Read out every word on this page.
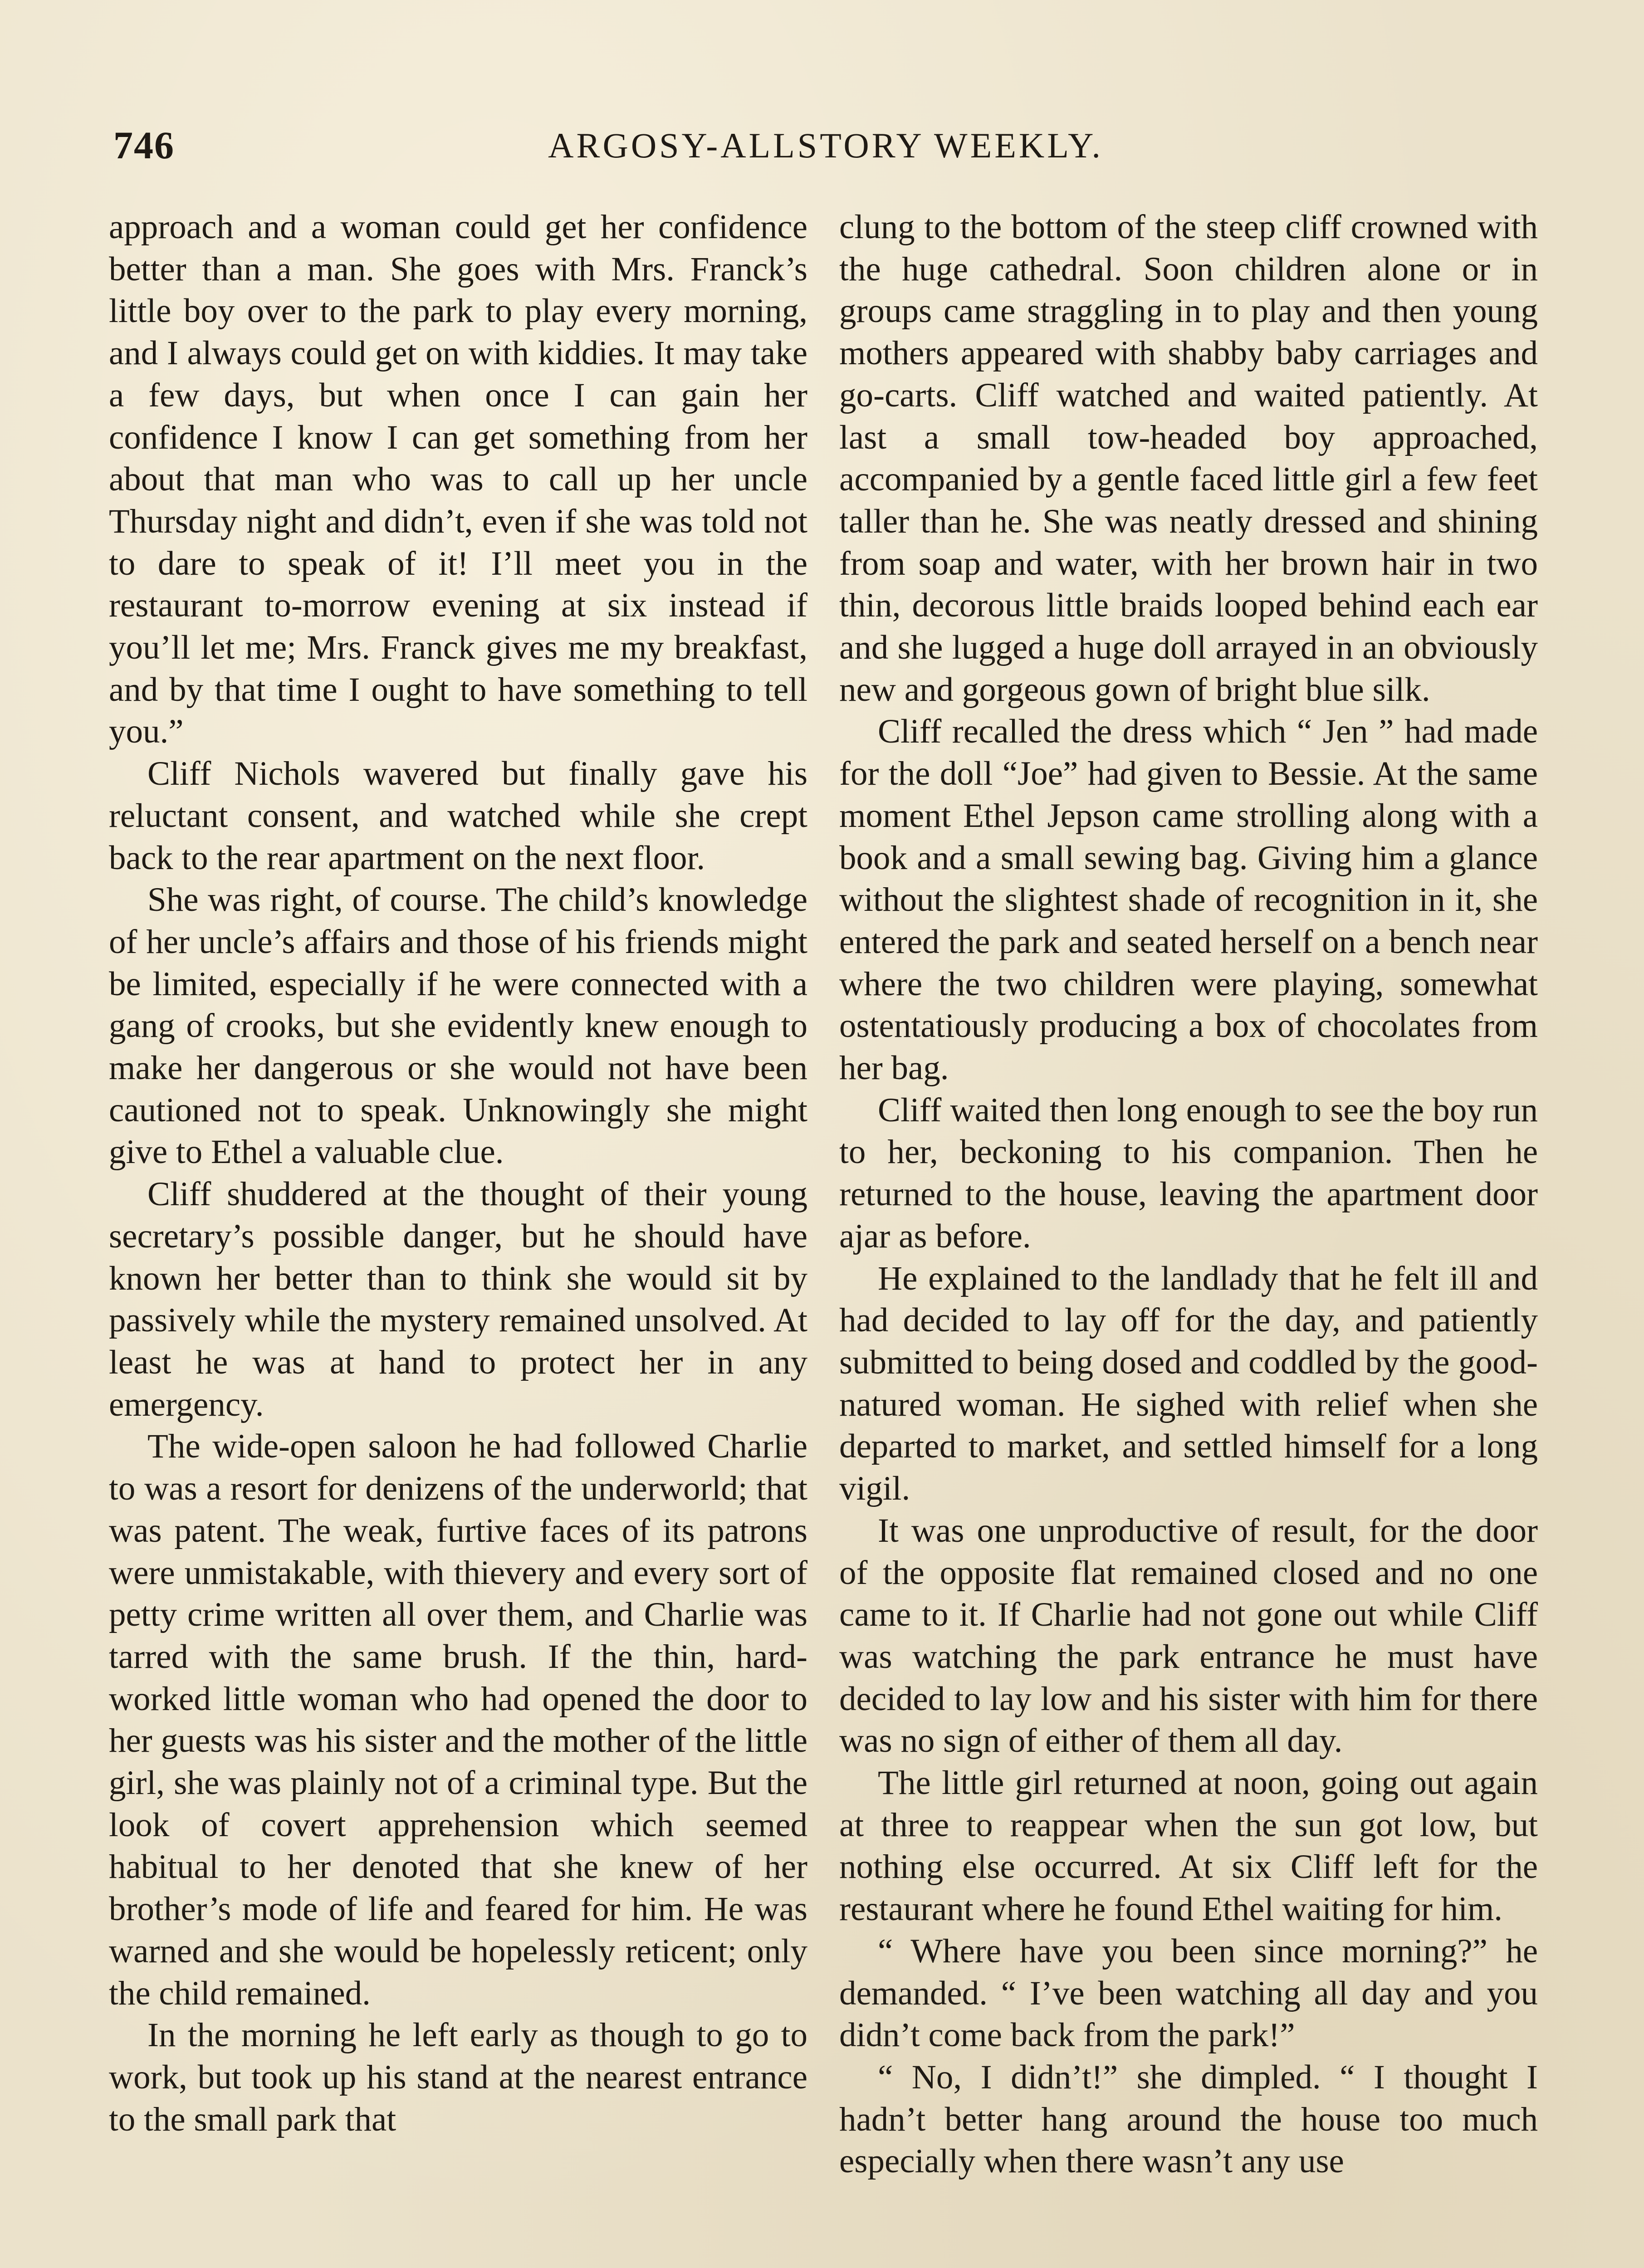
746	ARGOSY-ALLSTORY WEEKLY.

approach and a woman could get her confidence better than a man. She goes with Mrs. Franck’s little boy over to the park to play every morning, and I always could get on with kiddies. It may take a few days, but when once I can gain her confidence I know I can get something from her about that man who was to call up her uncle Thursday night and didn’t, even if she was told not to dare to speak of it! I’ll meet you in the restaurant to-morrow evening at six instead if you’ll let me; Mrs. Franck gives me my breakfast, and by that time I ought to have something to tell you.”

Cliff Nichols wavered but finally gave his reluctant consent, and watched while she crept back to the rear apartment on the next floor.

She was right, of course. The child’s knowledge of her uncle’s affairs and those of his friends might be limited, especially if he were connected with a gang of crooks, but she evidently knew enough to make her dangerous or she would not have been cautioned not to speak. Unknowingly she might give to Ethel a valuable clue.

Cliff shuddered at the thought of their young secretary’s possible danger, but he should have known her better than to think she would sit by passively while the mystery remained unsolved. At least he was at hand to protect her in any emergency.

The wide-open saloon he had followed Charlie to was a resort for denizens of the underworld; that was patent. The weak, furtive faces of its patrons were unmistakable, with thievery and every sort of petty crime written all over them, and Charlie was tarred with the same brush. If the thin, hard-worked little woman who had opened the door to her guests was his sister and the mother of the little girl, she was plainly not of a criminal type. But the look of covert apprehension which seemed habitual to her denoted that she knew of her brother’s mode of life and feared for him. He was warned and she would be hopelessly reticent; only the child remained.

In the morning he left early as though to go to work, but took up his stand at the nearest entrance to the small park that

clung to the bottom of the steep cliff crowned with the huge cathedral. Soon children alone or in groups came straggling in to play and then young mothers appeared with shabby baby carriages and go-carts. Cliff watched and waited patiently. At last a small tow-headed boy approached, accompanied by a gentle faced little girl a few feet taller than he. She was neatly dressed and shining from soap and water, with her brown hair in two thin, decorous little braids looped behind each ear and she lugged a huge doll arrayed in an obviously new and gorgeous gown of bright blue silk.

Cliff recalled the dress which “ Jen ” had made for the doll “Joe” had given to Bessie. At the same moment Ethel Jepson came strolling along with a book and a small sewing bag. Giving him a glance without the slightest shade of recognition in it, she entered the park and seated herself on a bench near where the two children were playing, somewhat ostentatiously producing a box of chocolates from her bag.

Cliff waited then long enough to see the boy run to her, beckoning to his companion. Then he returned to the house, leaving the apartment door ajar as before.

He explained to the landlady that he felt ill and had decided to lay off for the day, and patiently submitted to being dosed and coddled by the good-natured woman. He sighed with relief when she departed to market, and settled himself for a long vigil.

It was one unproductive of result, for the door of the opposite flat remained closed and no one came to it. If Charlie had not gone out while Cliff was watching the park entrance he must have decided to lay low and his sister with him for there was no sign of either of them all day.

The little girl returned at noon, going out again at three to reappear when the sun got low, but nothing else occurred. At six Cliff left for the restaurant where he found Ethel waiting for him.

“ Where have you been since morning?” he demanded. “ I’ve been watching all day and you didn’t come back from the park!”

“ No, I didn’t!” she dimpled. “ I thought I hadn’t better hang around the house too much especially when there wasn’t any use
